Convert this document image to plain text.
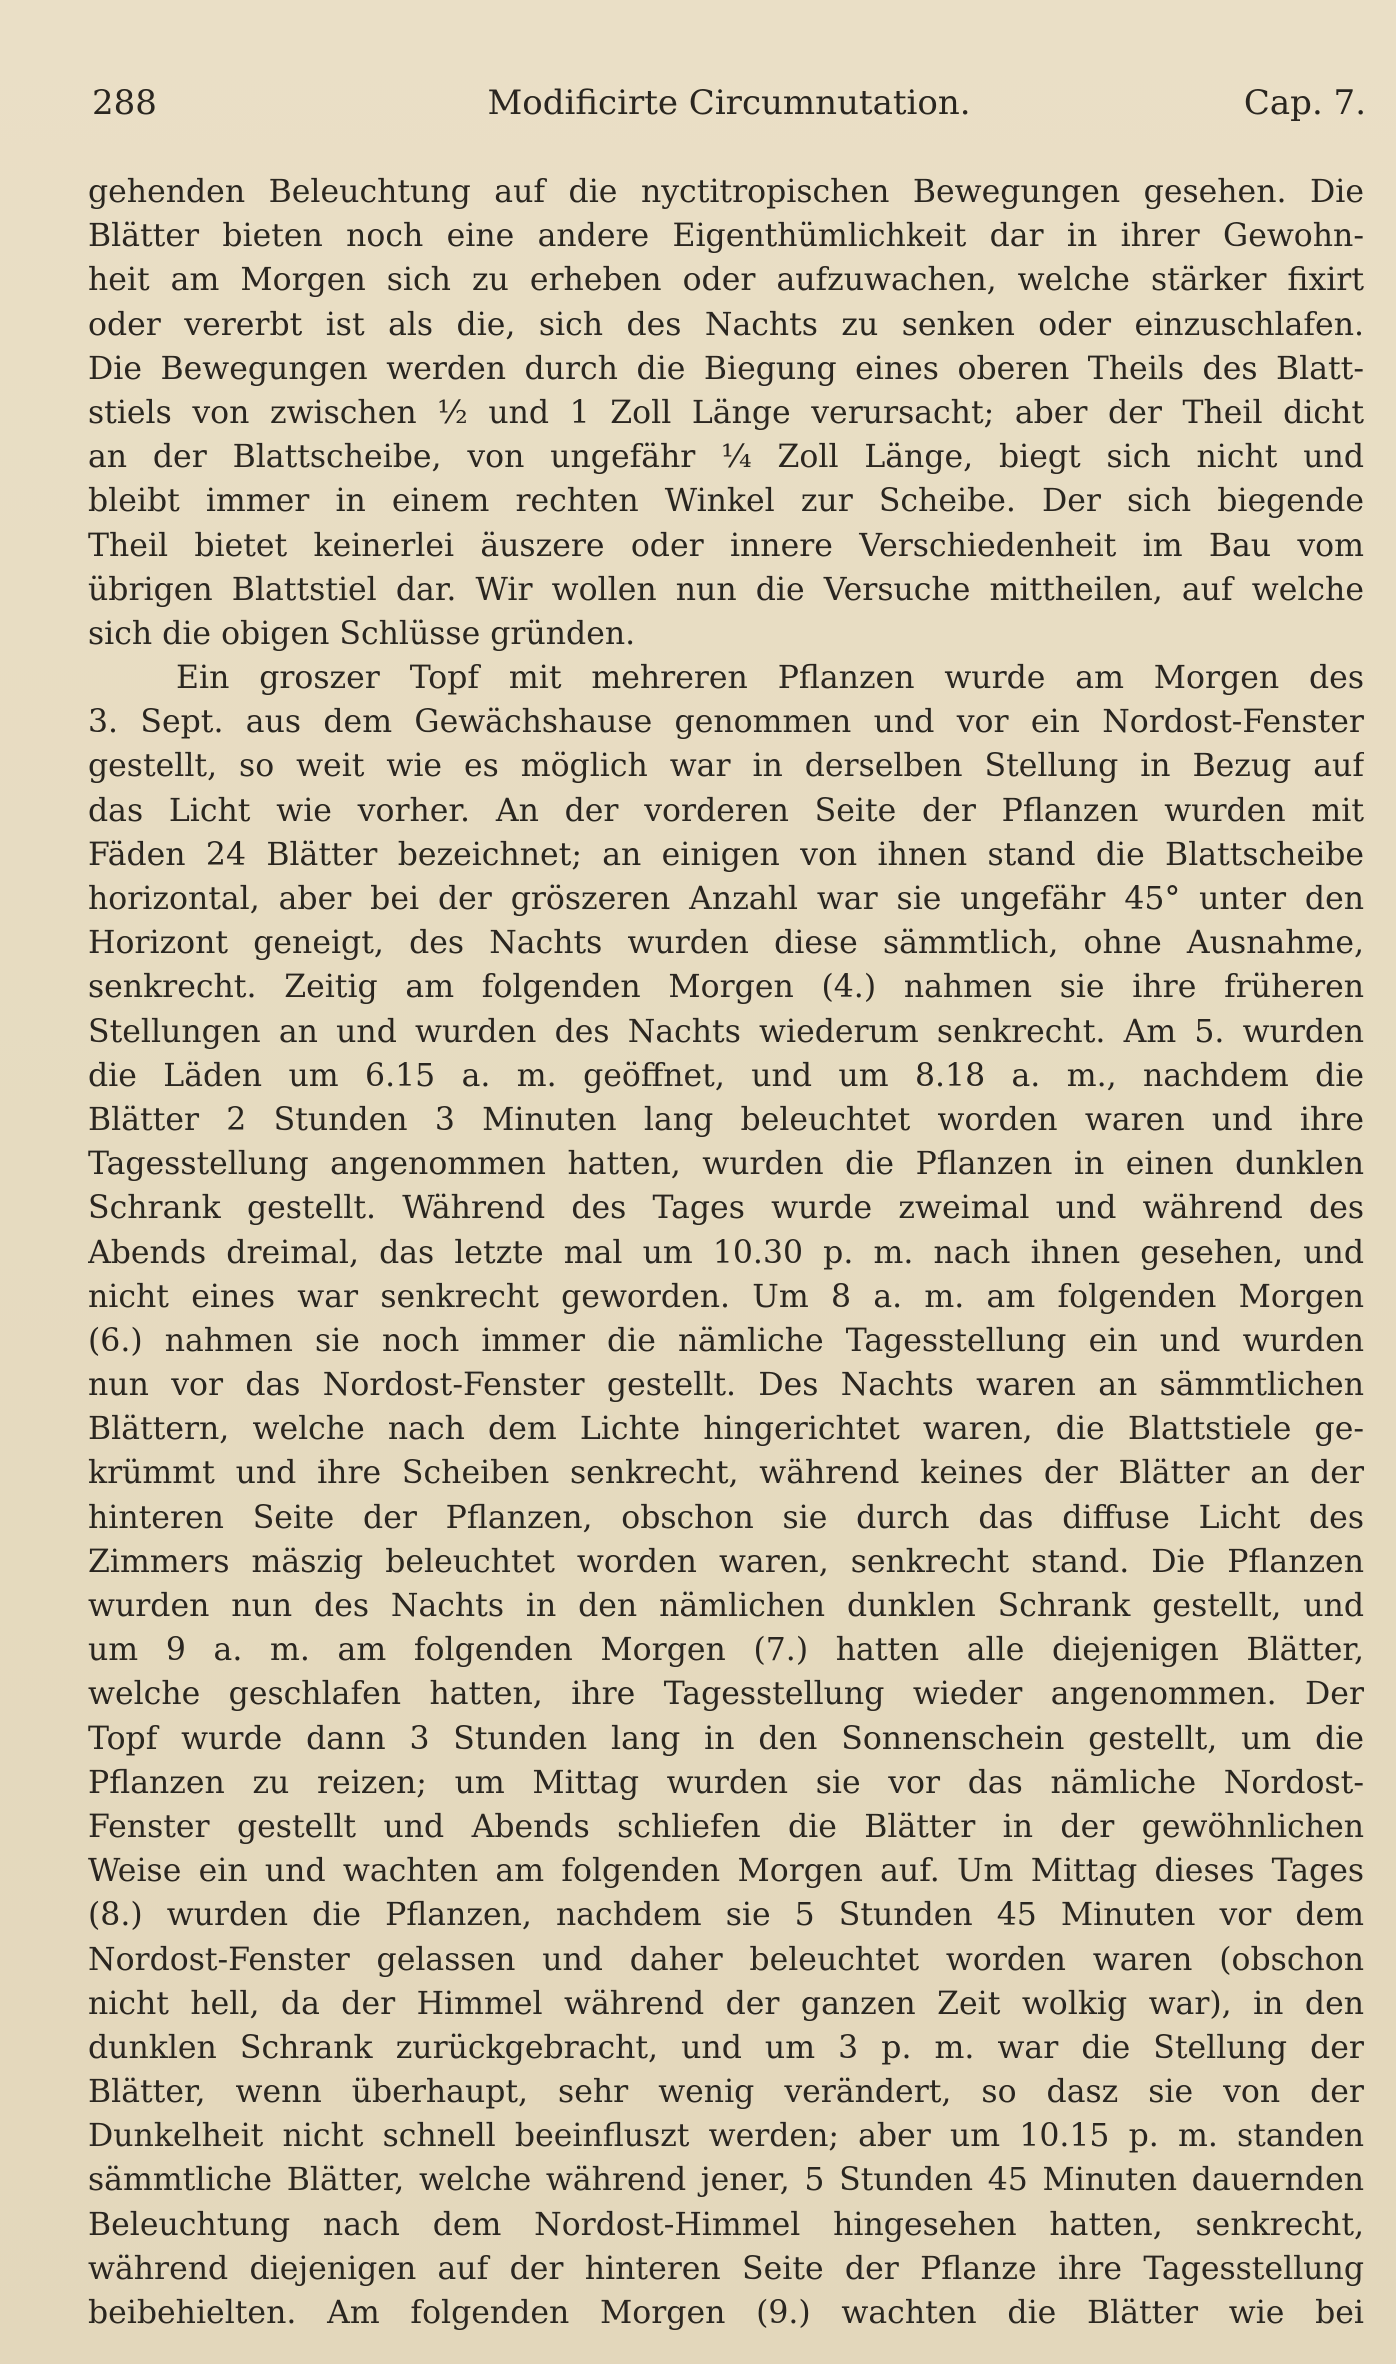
288	Modificirte Circumnutation.	Cap. 7.
gehenden Beleuchtung auf die nyctitropischen Bewegungen gesehen. Die
Blätter bieten noch eine andere Eigenthümlichkeit dar in ihrer Gewohn-
heit am Morgen sich zu erheben oder aufzuwachen, welche stärker fixirt
oder vererbt ist als die, sich des Nachts zu senken oder einzuschlafen.
Die Bewegungen werden durch die Biegung eines oberen Theils des Blatt-
stiels von zwischen ½ und 1 Zoll Länge verursacht; aber der Theil dicht
an der Blattscheibe, von ungefähr ¼ Zoll Länge, biegt sich nicht und
bleibt immer in einem rechten Winkel zur Scheibe. Der sich biegende
Theil bietet keinerlei äuszere oder innere Verschiedenheit im Bau vom
übrigen Blattstiel dar. Wir wollen nun die Versuche mittheilen, auf welche
sich die obigen Schlüsse gründen.
Ein groszer Topf mit mehreren Pflanzen wurde am Morgen des
3. Sept. aus dem Gewächshause genommen und vor ein Nordost-Fenster
gestellt, so weit wie es möglich war in derselben Stellung in Bezug auf
das Licht wie vorher. An der vorderen Seite der Pflanzen wurden mit
Fäden 24 Blätter bezeichnet; an einigen von ihnen stand die Blattscheibe
horizontal, aber bei der gröszeren Anzahl war sie ungefähr 45° unter den
Horizont geneigt, des Nachts wurden diese sämmtlich, ohne Ausnahme,
senkrecht. Zeitig am folgenden Morgen (4.) nahmen sie ihre früheren
Stellungen an und wurden des Nachts wiederum senkrecht. Am 5. wurden
die Läden um 6.15 a. m. geöffnet, und um 8.18 a. m., nachdem die
Blätter 2 Stunden 3 Minuten lang beleuchtet worden waren und ihre
Tagesstellung angenommen hatten, wurden die Pflanzen in einen dunklen
Schrank gestellt. Während des Tages wurde zweimal und während des
Abends dreimal, das letzte mal um 10.30 p. m. nach ihnen gesehen, und
nicht eines war senkrecht geworden. Um 8 a. m. am folgenden Morgen
(6.) nahmen sie noch immer die nämliche Tagesstellung ein und wurden
nun vor das Nordost-Fenster gestellt. Des Nachts waren an sämmtlichen
Blättern, welche nach dem Lichte hingerichtet waren, die Blattstiele ge-
krümmt und ihre Scheiben senkrecht, während keines der Blätter an der
hinteren Seite der Pflanzen, obschon sie durch das diffuse Licht des
Zimmers mäszig beleuchtet worden waren, senkrecht stand. Die Pflanzen
wurden nun des Nachts in den nämlichen dunklen Schrank gestellt, und
um 9 a. m. am folgenden Morgen (7.) hatten alle diejenigen Blätter,
welche geschlafen hatten, ihre Tagesstellung wieder angenommen. Der
Topf wurde dann 3 Stunden lang in den Sonnenschein gestellt, um die
Pflanzen zu reizen; um Mittag wurden sie vor das nämliche Nordost-
Fenster gestellt und Abends schliefen die Blätter in der gewöhnlichen
Weise ein und wachten am folgenden Morgen auf. Um Mittag dieses Tages
(8.) wurden die Pflanzen, nachdem sie 5 Stunden 45 Minuten vor dem
Nordost-Fenster gelassen und daher beleuchtet worden waren (obschon
nicht hell, da der Himmel während der ganzen Zeit wolkig war), in den
dunklen Schrank zurückgebracht, und um 3 p. m. war die Stellung der
Blätter, wenn überhaupt, sehr wenig verändert, so dasz sie von der
Dunkelheit nicht schnell beeinfluszt werden; aber um 10.15 p. m. standen
sämmtliche Blätter, welche während jener, 5 Stunden 45 Minuten dauernden
Beleuchtung nach dem Nordost-Himmel hingesehen hatten, senkrecht,
während diejenigen auf der hinteren Seite der Pflanze ihre Tagesstellung
beibehielten. Am folgenden Morgen (9.) wachten die Blätter wie bei
